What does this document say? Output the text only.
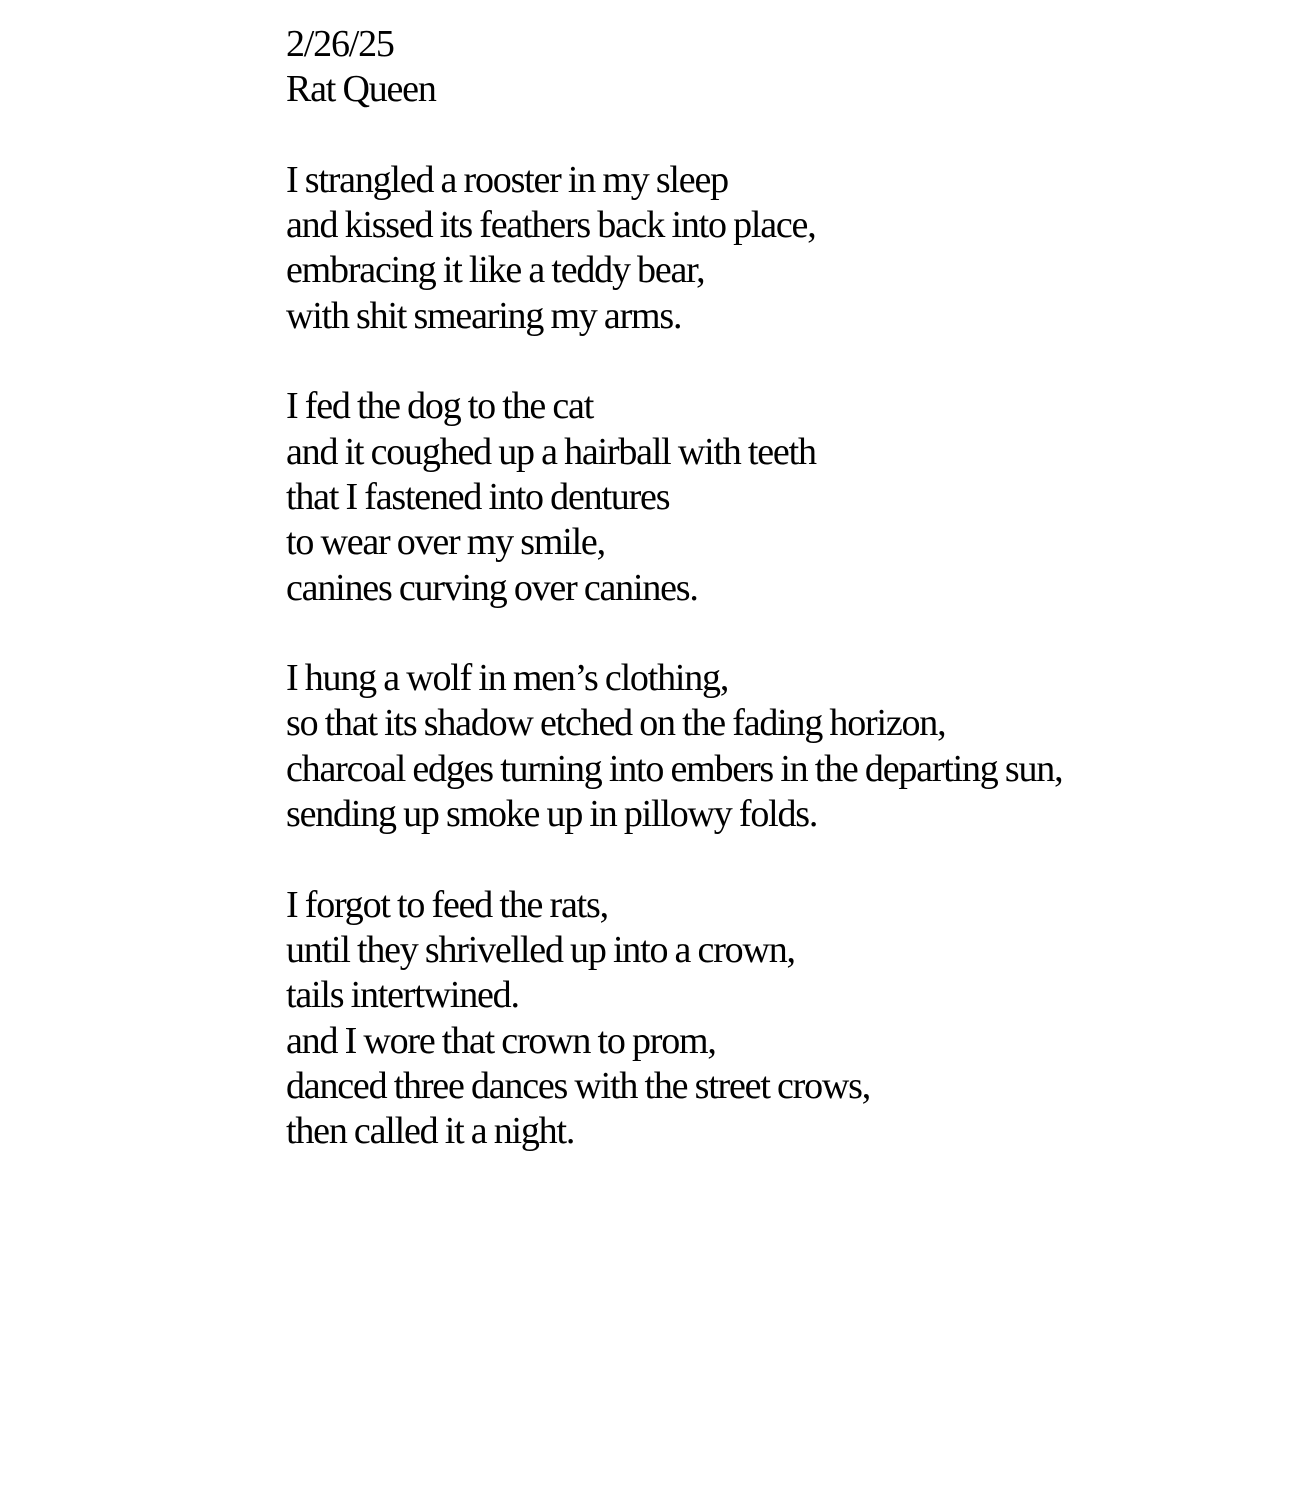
2/26/25
Rat Queen
I strangled a rooster in my sleep
and kissed its feathers back into place,
embracing it like a teddy bear,
with shit smearing my arms.
I fed the dog to the cat
and it coughed up a hairball with teeth
that I fastened into dentures
to wear over my smile,
canines curving over canines.
I hung a wolf in men’s clothing,
so that its shadow etched on the fading horizon,
charcoal edges turning into embers in the departing sun,
sending up smoke up in pillowy folds.
I forgot to feed the rats,
until they shrivelled up into a crown,
tails intertwined.
and I wore that crown to prom,
danced three dances with the street crows,
then called it a night.
